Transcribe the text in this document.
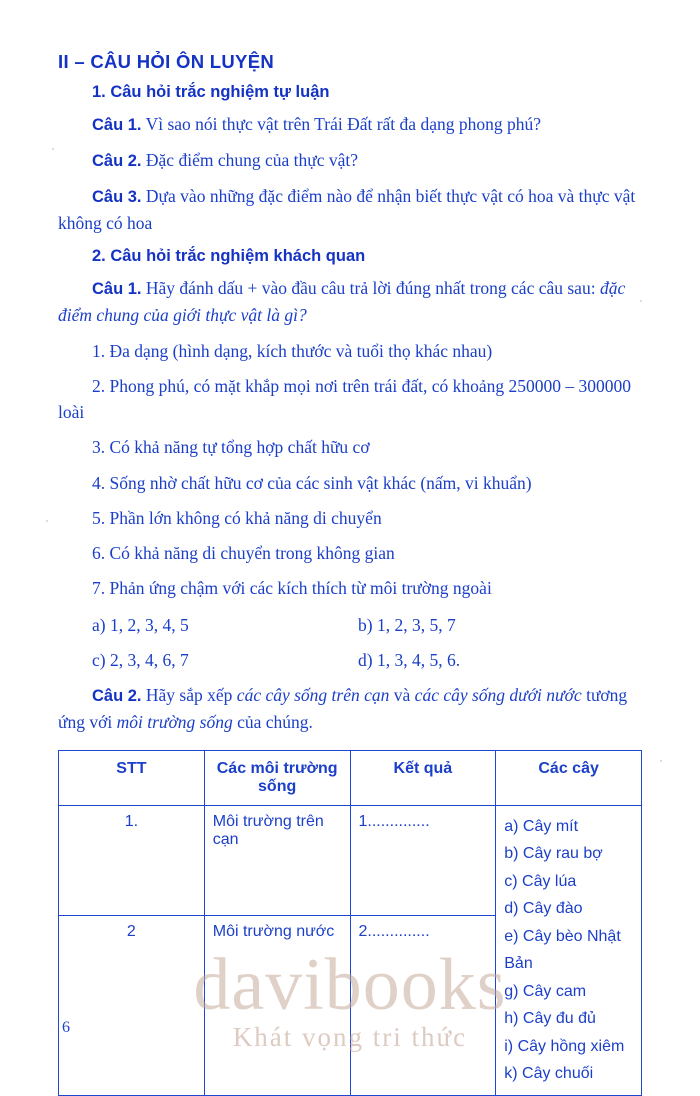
II – CÂU HỎI ÔN LUYỆN
1. Câu hỏi trắc nghiệm tự luận

Câu 1. Vì sao nói thực vật trên Trái Đất rất đa dạng phong phú?

Câu 2. Đặc điểm chung của thực vật?

Câu 3. Dựa vào những đặc điểm nào để nhận biết thực vật có hoa và thực vật không có hoa

2. Câu hỏi trắc nghiệm khách quan

Câu 1. Hãy đánh dấu + vào đầu câu trả lời đúng nhất trong các câu sau: đặc điểm chung của giới thực vật là gì?

1. Đa dạng (hình dạng, kích thước và tuổi thọ khác nhau)

2. Phong phú, có mặt khắp mọi nơi trên trái đất, có khoảng 250000 – 300000 loài

3. Có khả năng tự tổng hợp chất hữu cơ

4. Sống nhờ chất hữu cơ của các sinh vật khác (nấm, vi khuẩn)

5. Phần lớn không có khả năng di chuyển

6. Có khả năng di chuyển trong không gian

7. Phản ứng chậm với các kích thích từ môi trường ngoài

a) 1, 2, 3, 4, 5	b) 1, 2, 3, 5, 7
c) 2, 3, 4, 6, 7	d) 1, 3, 4, 5, 6.

Câu 2. Hãy sắp xếp các cây sống trên cạn và các cây sống dưới nước tương ứng với môi trường sống của chúng.

STT	Các môi trường sống	Kết quả	Các cây
1.	Môi trường trên cạn	1..............	a) Cây mít
b) Cây rau bợ
c) Cây lúa
d) Cây đào
e) Cây bèo Nhật Bản
g) Cây cam
h) Cây đu đủ
i) Cây hồng xiêm
k) Cây chuối

2	Môi trường nước	2..............	
6
davibooks
Khát vọng tri thức
